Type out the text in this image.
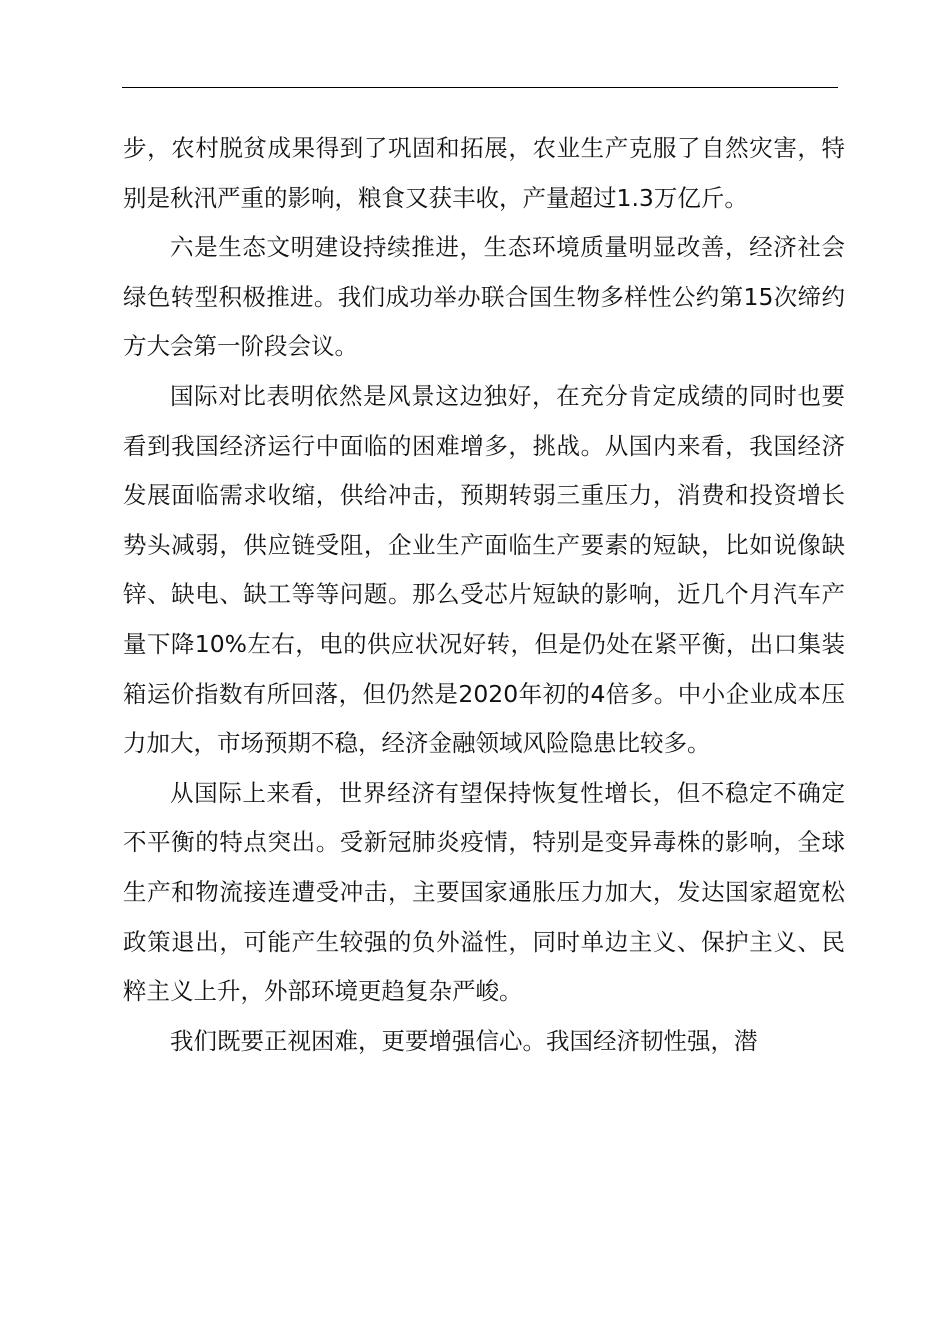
步，农村脱贫成果得到了巩固和拓展，农业生产克服了自然灾害，特别是秋汛严重的影响，粮食又获丰收，产量超过1.3万亿斤。

六是生态文明建设持续推进，生态环境质量明显改善，经济社会绿色转型积极推进。我们成功举办联合国生物多样性公约第15次缔约方大会第一阶段会议。

国际对比表明依然是风景这边独好，在充分肯定成绩的同时也要看到我国经济运行中面临的困难增多，挑战。从国内来看，我国经济发展面临需求收缩，供给冲击，预期转弱三重压力，消费和投资增长势头减弱，供应链受阻，企业生产面临生产要素的短缺，比如说像缺锌、缺电、缺工等等问题。那么受芯片短缺的影响，近几个月汽车产量下降10%左右，电的供应状况好转，但是仍处在紧平衡，出口集装箱运价指数有所回落，但仍然是2020年初的4倍多。中小企业成本压力加大，市场预期不稳，经济金融领域风险隐患比较多。

从国际上来看，世界经济有望保持恢复性增长，但不稳定不确定不平衡的特点突出。受新冠肺炎疫情，特别是变异毒株的影响，全球生产和物流接连遭受冲击，主要国家通胀压力加大，发达国家超宽松政策退出，可能产生较强的负外溢性，同时单边主义、保护主义、民粹主义上升，外部环境更趋复杂严峻。

我们既要正视困难，更要增强信心。我国经济韧性强，潜
